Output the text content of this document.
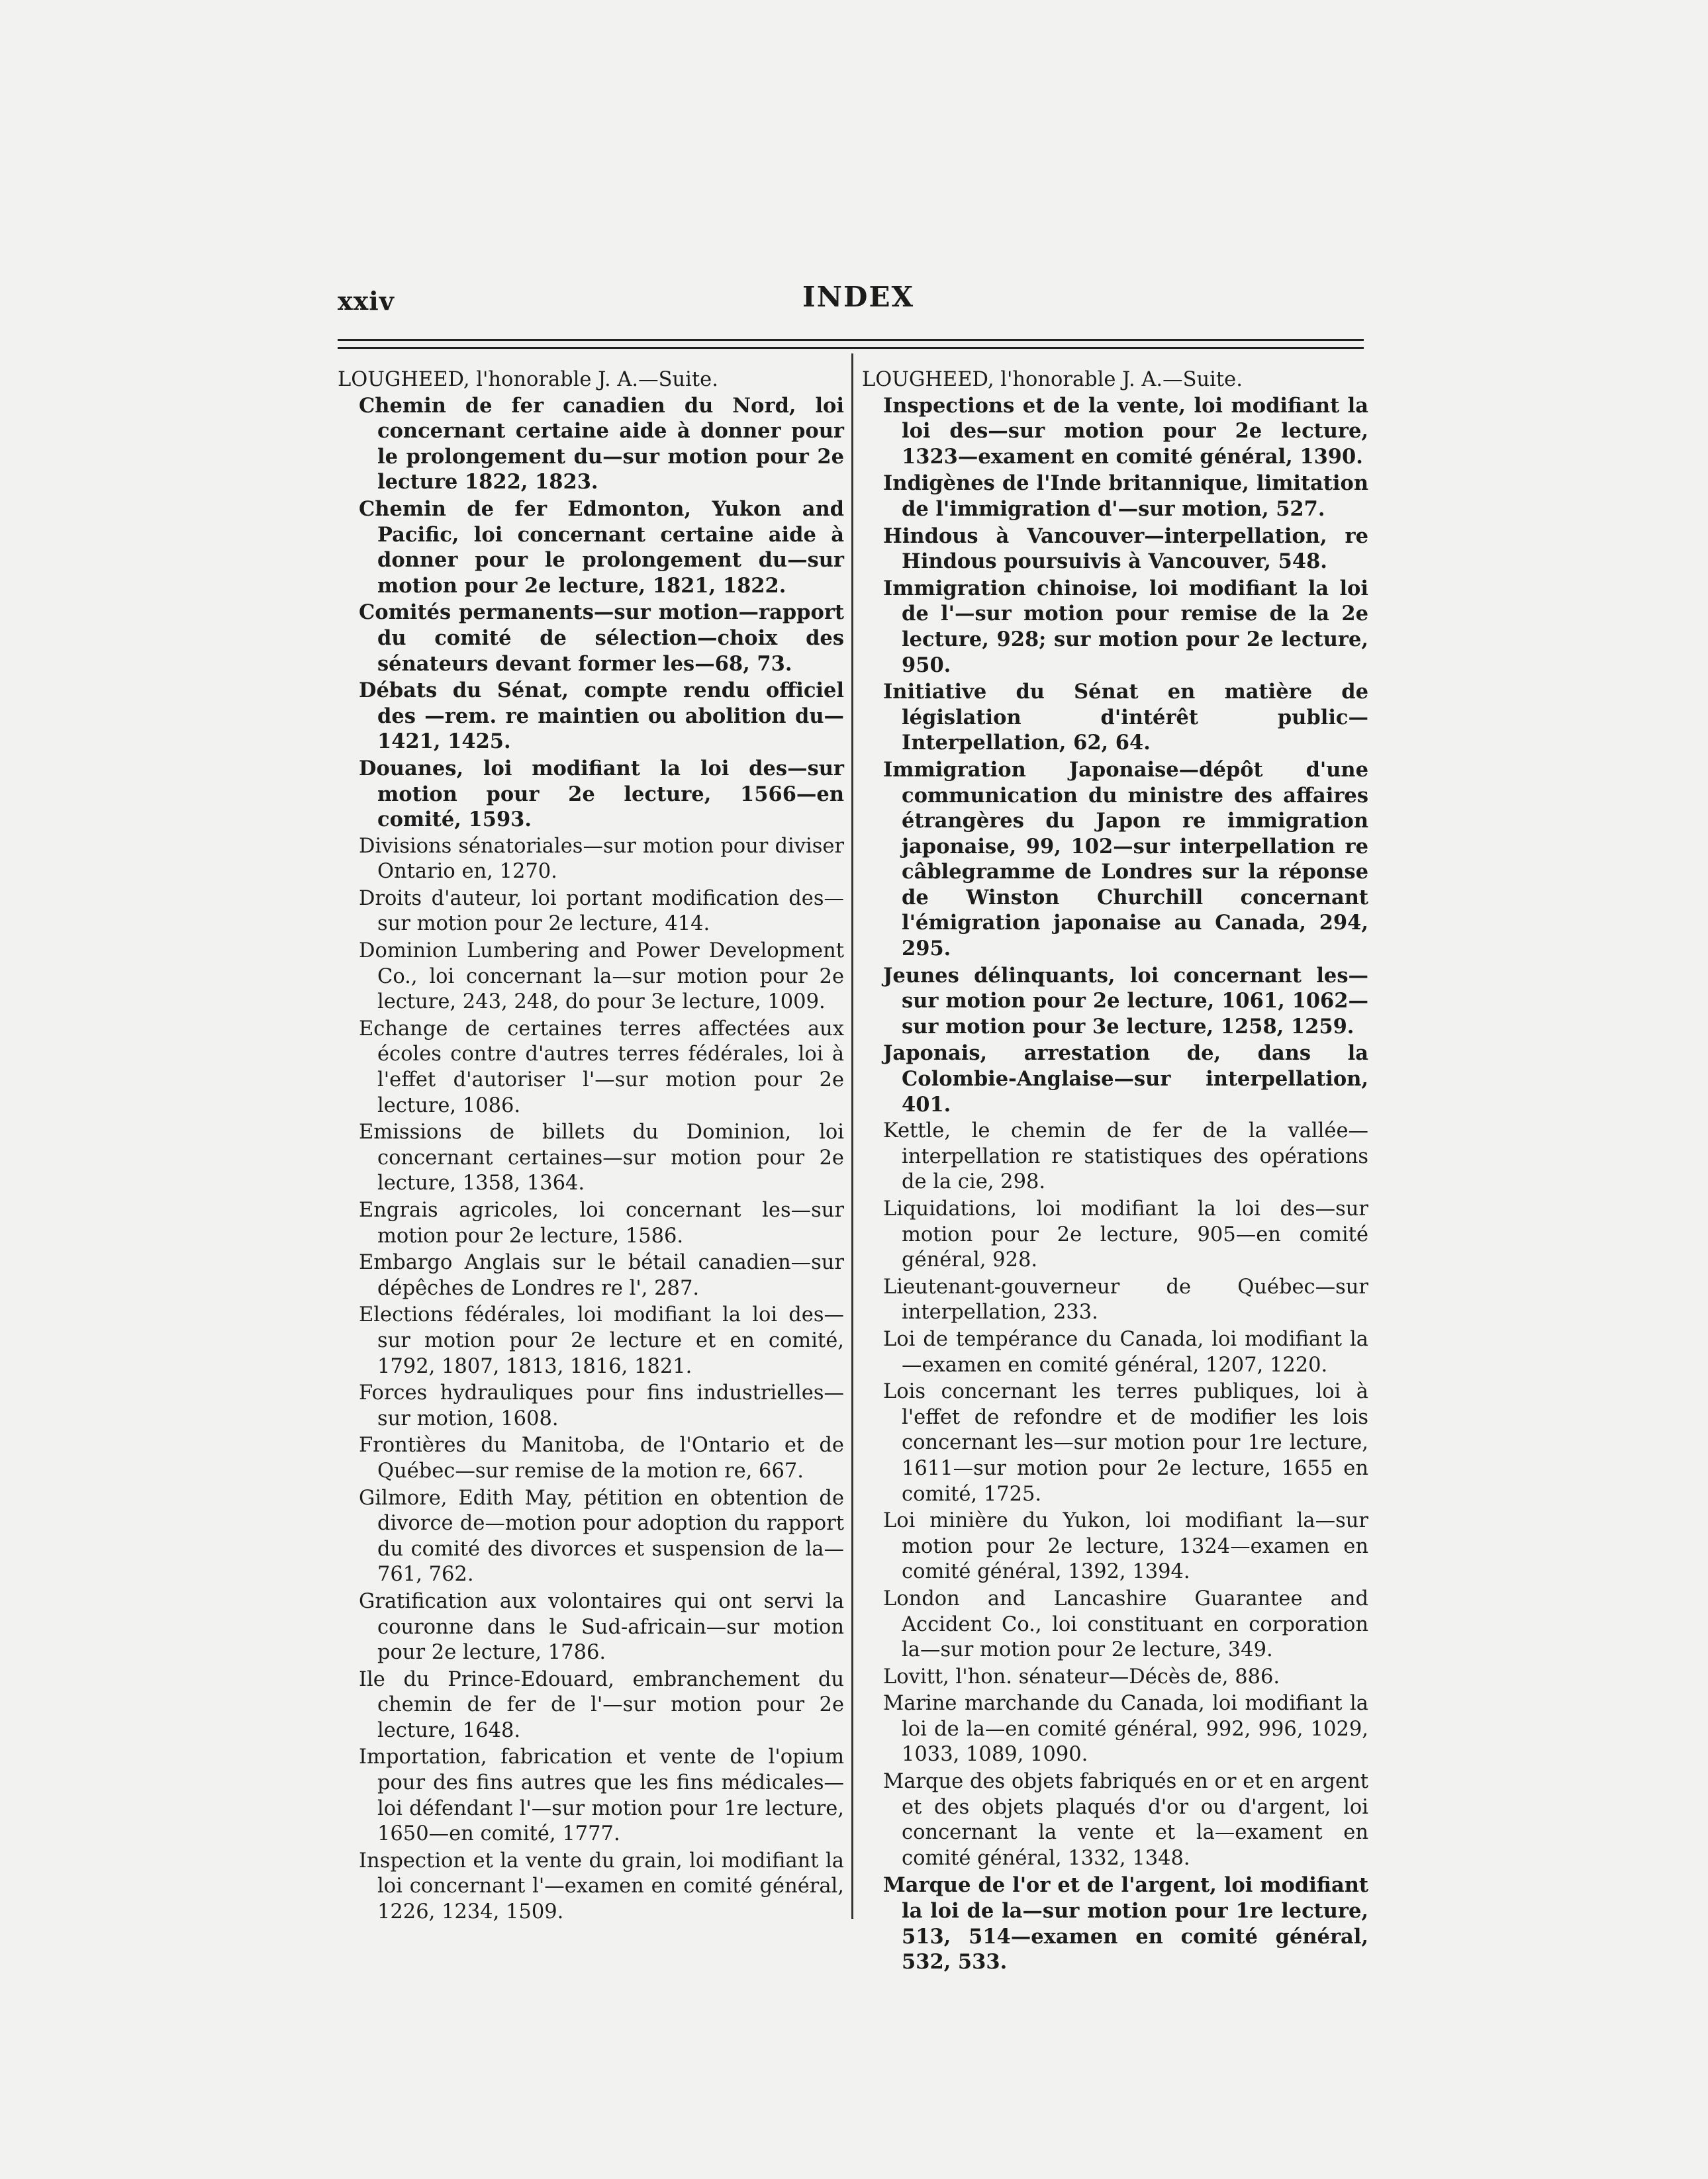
xxiv	INDEX
LOUGHEED, l'honorable J. A.—Suite.
Chemin de fer canadien du Nord, loi concernant certaine aide à donner pour le prolongement du—sur motion pour 2e lecture 1822, 1823.
Chemin de fer Edmonton, Yukon and Pacific, loi concernant certaine aide à donner pour le prolongement du—sur motion pour 2e lecture, 1821, 1822.
Comités permanents—sur motion—rapport du comité de sélection—choix des sénateurs devant former les—68, 73.
Débats du Sénat, compte rendu officiel des —rem. re maintien ou abolition du—1421, 1425.
Douanes, loi modifiant la loi des—sur motion pour 2e lecture, 1566—en comité, 1593.
Divisions sénatoriales—sur motion pour diviser Ontario en, 1270.
Droits d'auteur, loi portant modification des—sur motion pour 2e lecture, 414.
Dominion Lumbering and Power Development Co., loi concernant la—sur motion pour 2e lecture, 243, 248, do pour 3e lecture, 1009.
Echange de certaines terres affectées aux écoles contre d'autres terres fédérales, loi à l'effet d'autoriser l'—sur motion pour 2e lecture, 1086.
Emissions de billets du Dominion, loi concernant certaines—sur motion pour 2e lecture, 1358, 1364.
Engrais agricoles, loi concernant les—sur motion pour 2e lecture, 1586.
Embargo Anglais sur le bétail canadien—sur dépêches de Londres re l', 287.
Elections fédérales, loi modifiant la loi des—sur motion pour 2e lecture et en comité, 1792, 1807, 1813, 1816, 1821.
Forces hydrauliques pour fins industrielles—sur motion, 1608.
Frontières du Manitoba, de l'Ontario et de Québec—sur remise de la motion re, 667.
Gilmore, Edith May, pétition en obtention de divorce de—motion pour adoption du rapport du comité des divorces et suspension de la—761, 762.
Gratification aux volontaires qui ont servi la couronne dans le Sud-africain—sur motion pour 2e lecture, 1786.
Ile du Prince-Edouard, embranchement du chemin de fer de l'—sur motion pour 2e lecture, 1648.
Importation, fabrication et vente de l'opium pour des fins autres que les fins médicales—loi défendant l'—sur motion pour 1re lecture, 1650—en comité, 1777.
Inspection et la vente du grain, loi modifiant la loi concernant l'—examen en comité général, 1226, 1234, 1509.
LOUGHEED, l'honorable J. A.—Suite.
Inspections et de la vente, loi modifiant la loi des—sur motion pour 2e lecture, 1323—exament en comité général, 1390.
Indigènes de l'Inde britannique, limitation de l'immigration d'—sur motion, 527.
Hindous à Vancouver—interpellation, re Hindous poursuivis à Vancouver, 548.
Immigration chinoise, loi modifiant la loi de l'—sur motion pour remise de la 2e lecture, 928; sur motion pour 2e lecture, 950.
Initiative du Sénat en matière de législation d'intérêt public—Interpellation, 62, 64.
Immigration Japonaise—dépôt d'une communication du ministre des affaires étrangères du Japon re immigration japonaise, 99, 102—sur interpellation re câblegramme de Londres sur la réponse de Winston Churchill concernant l'émigration japonaise au Canada, 294, 295.
Jeunes délinquants, loi concernant les—sur motion pour 2e lecture, 1061, 1062—sur motion pour 3e lecture, 1258, 1259.
Japonais, arrestation de, dans la Colombie-Anglaise—sur interpellation, 401.
Kettle, le chemin de fer de la vallée—interpellation re statistiques des opérations de la cie, 298.
Liquidations, loi modifiant la loi des—sur motion pour 2e lecture, 905—en comité général, 928.
Lieutenant-gouverneur de Québec—sur interpellation, 233.
Loi de tempérance du Canada, loi modifiant la—examen en comité général, 1207, 1220.
Lois concernant les terres publiques, loi à l'effet de refondre et de modifier les lois concernant les—sur motion pour 1re lecture, 1611—sur motion pour 2e lecture, 1655 en comité, 1725.
Loi minière du Yukon, loi modifiant la—sur motion pour 2e lecture, 1324—examen en comité général, 1392, 1394.
London and Lancashire Guarantee and Accident Co., loi constituant en corporation la—sur motion pour 2e lecture, 349.
Lovitt, l'hon. sénateur—Décès de, 886.
Marine marchande du Canada, loi modifiant la loi de la—en comité général, 992, 996, 1029, 1033, 1089, 1090.
Marque des objets fabriqués en or et en argent et des objets plaqués d'or ou d'argent, loi concernant la vente et la—exament en comité général, 1332, 1348.
Marque de l'or et de l'argent, loi modifiant la loi de la—sur motion pour 1re lecture, 513, 514—examen en comité général, 532, 533.
